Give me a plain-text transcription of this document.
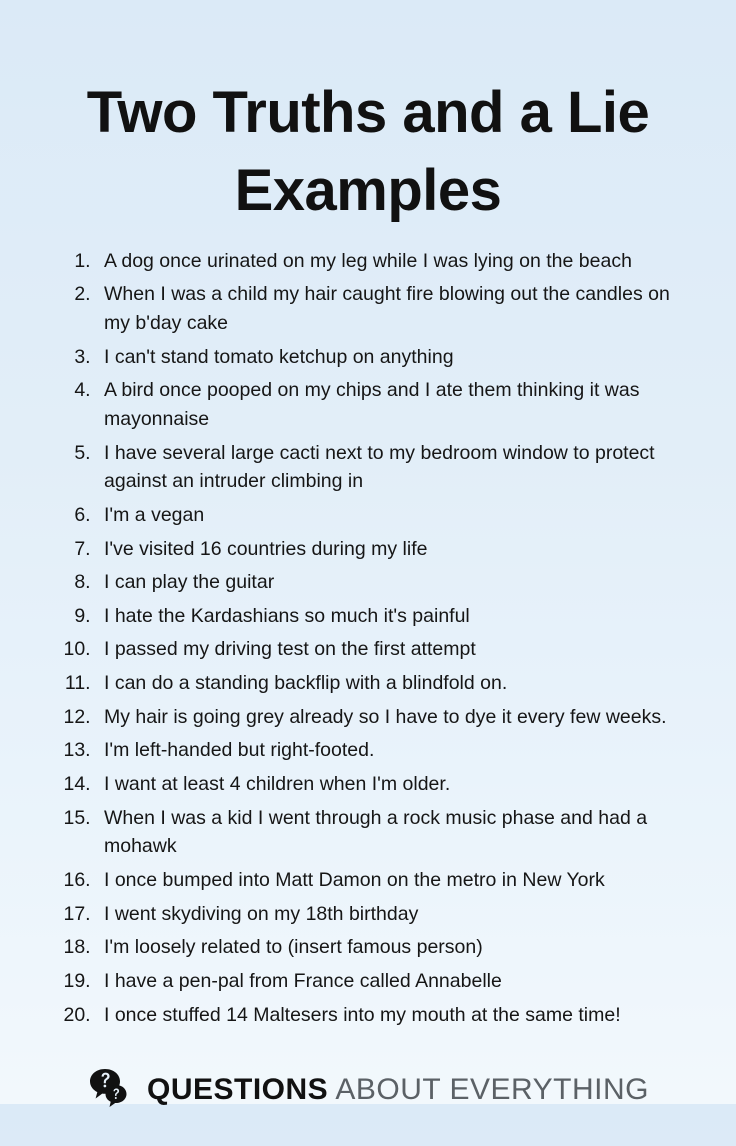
Two Truths and a Lie Examples
1. A dog once urinated on my leg while I was lying on the beach
2. When I was a child my hair caught fire blowing out the candles on my b'day cake
3. I can't stand tomato ketchup on anything
4. A bird once pooped on my chips and I ate them thinking it was mayonnaise
5. I have several large cacti next to my bedroom window to protect against an intruder climbing in
6. I'm a vegan
7. I've visited 16 countries during my life
8. I can play the guitar
9. I hate the Kardashians so much it's painful
10. I passed my driving test on the first attempt
11. I can do a standing backflip with a blindfold on.
12. My hair is going grey already so I have to dye it every few weeks.
13. I'm left-handed but right-footed.
14. I want at least 4 children when I'm older.
15. When I was a kid I went through a rock music phase and had a mohawk
16. I once bumped into Matt Damon on the metro in New York
17. I went skydiving on my 18th birthday
18. I'm loosely related to (insert famous person)
19. I have a pen-pal from France called Annabelle
20. I once stuffed 14 Maltesers into my mouth at the same time!
QUESTIONS ABOUT EVERYTHING
